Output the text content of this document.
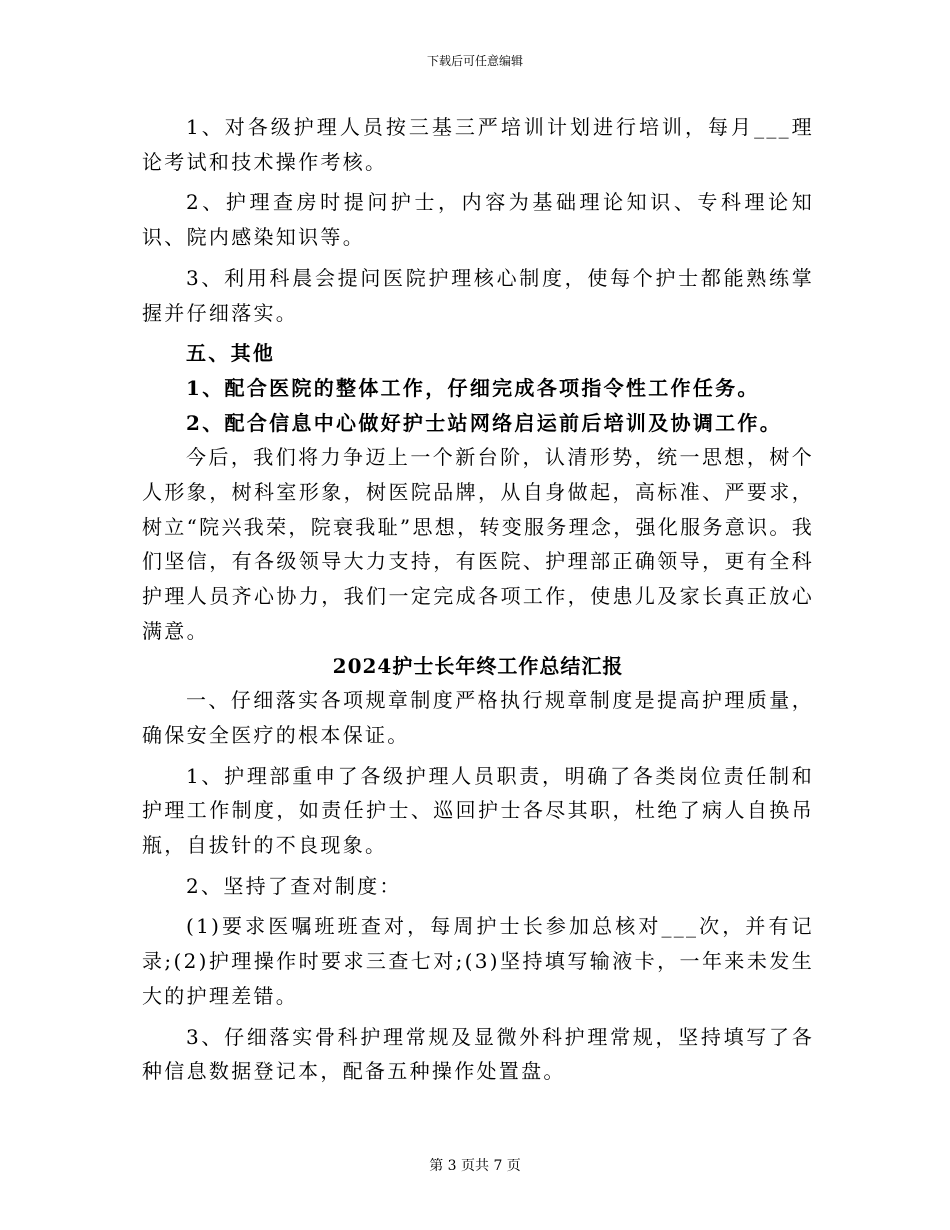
下载后可任意编辑

1、对各级护理人员按三基三严培训计划进行培训，每月___理论考试和技术操作考核。

2、护理查房时提问护士，内容为基础理论知识、专科理论知识、院内感染知识等。

3、利用科晨会提问医院护理核心制度，使每个护士都能熟练掌握并仔细落实。

五、其他

1、配合医院的整体工作，仔细完成各项指令性工作任务。

2、配合信息中心做好护士站网络启运前后培训及协调工作。

今后，我们将力争迈上一个新台阶，认清形势，统一思想，树个人形象，树科室形象，树医院品牌，从自身做起，高标准、严要求，树立“院兴我荣，院衰我耻”思想，转变服务理念，强化服务意识。我们坚信，有各级领导大力支持，有医院、护理部正确领导，更有全科护理人员齐心协力，我们一定完成各项工作，使患儿及家长真正放心满意。

2024护士长年终工作总结汇报

一、仔细落实各项规章制度严格执行规章制度是提高护理质量，确保安全医疗的根本保证。

1、护理部重申了各级护理人员职责，明确了各类岗位责任制和护理工作制度，如责任护士、巡回护士各尽其职，杜绝了病人自换吊瓶，自拔针的不良现象。

2、坚持了查对制度：

(1)要求医嘱班班查对，每周护士长参加总核对___次，并有记录;(2)护理操作时要求三查七对;(3)坚持填写输液卡，一年来未发生大的护理差错。

3、仔细落实骨科护理常规及显微外科护理常规，坚持填写了各种信息数据登记本，配备五种操作处置盘。

第 3 页共 7 页
